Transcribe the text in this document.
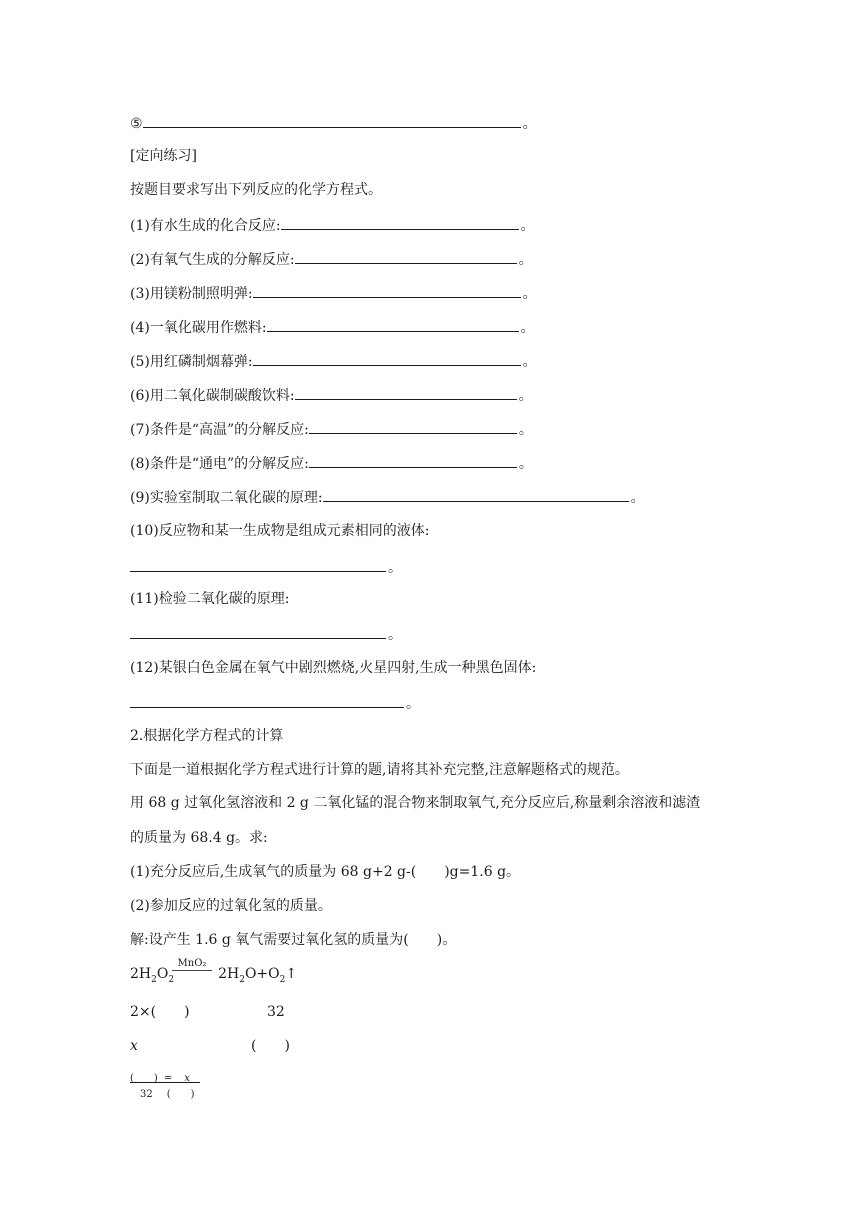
⑤	。
[定向练习]
按题目要求写出下列反应的化学方程式。
(1)有水生成的化合反应:	。
(2)有氧气生成的分解反应:	。
(3)用镁粉制照明弹:	。
(4)一氧化碳用作燃料:	。
(5)用红磷制烟幕弹:	。
(6)用二氧化碳制碳酸饮料:	。
(7)条件是“高温”的分解反应:	。
(8)条件是“通电”的分解反应:	。
(9)实验室制取二氧化碳的原理:	。
(10)反应物和某一生成物是组成元素相同的液体:
。
(11)检验二氧化碳的原理:
。
(12)某银白色金属在氧气中剧烈燃烧,火星四射,生成一种黑色固体:
。
2.根据化学方程式的计算
下面是一道根据化学方程式进行计算的题,请将其补充完整,注意解题格式的规范。
用 68 g 过氧化氢溶液和 2 g 二氧化锰的混合物来制取氧气,充分反应后,称量剩余溶液和滤渣
的质量为 68.4 g。求:
(1)充分反应后,生成氧气的质量为 68 g+2 g-(　　)g=1.6 g。
(2)参加反应的过氧化氢的质量。
解:设产生 1.6 g 氧气需要过氧化氢的质量为(　　)。
$2H_2O_2$	$2H_2O+O_2↑$
MnO₂
2×(　　)	32
x	(　　)
(　　) = x
32 (　　)
